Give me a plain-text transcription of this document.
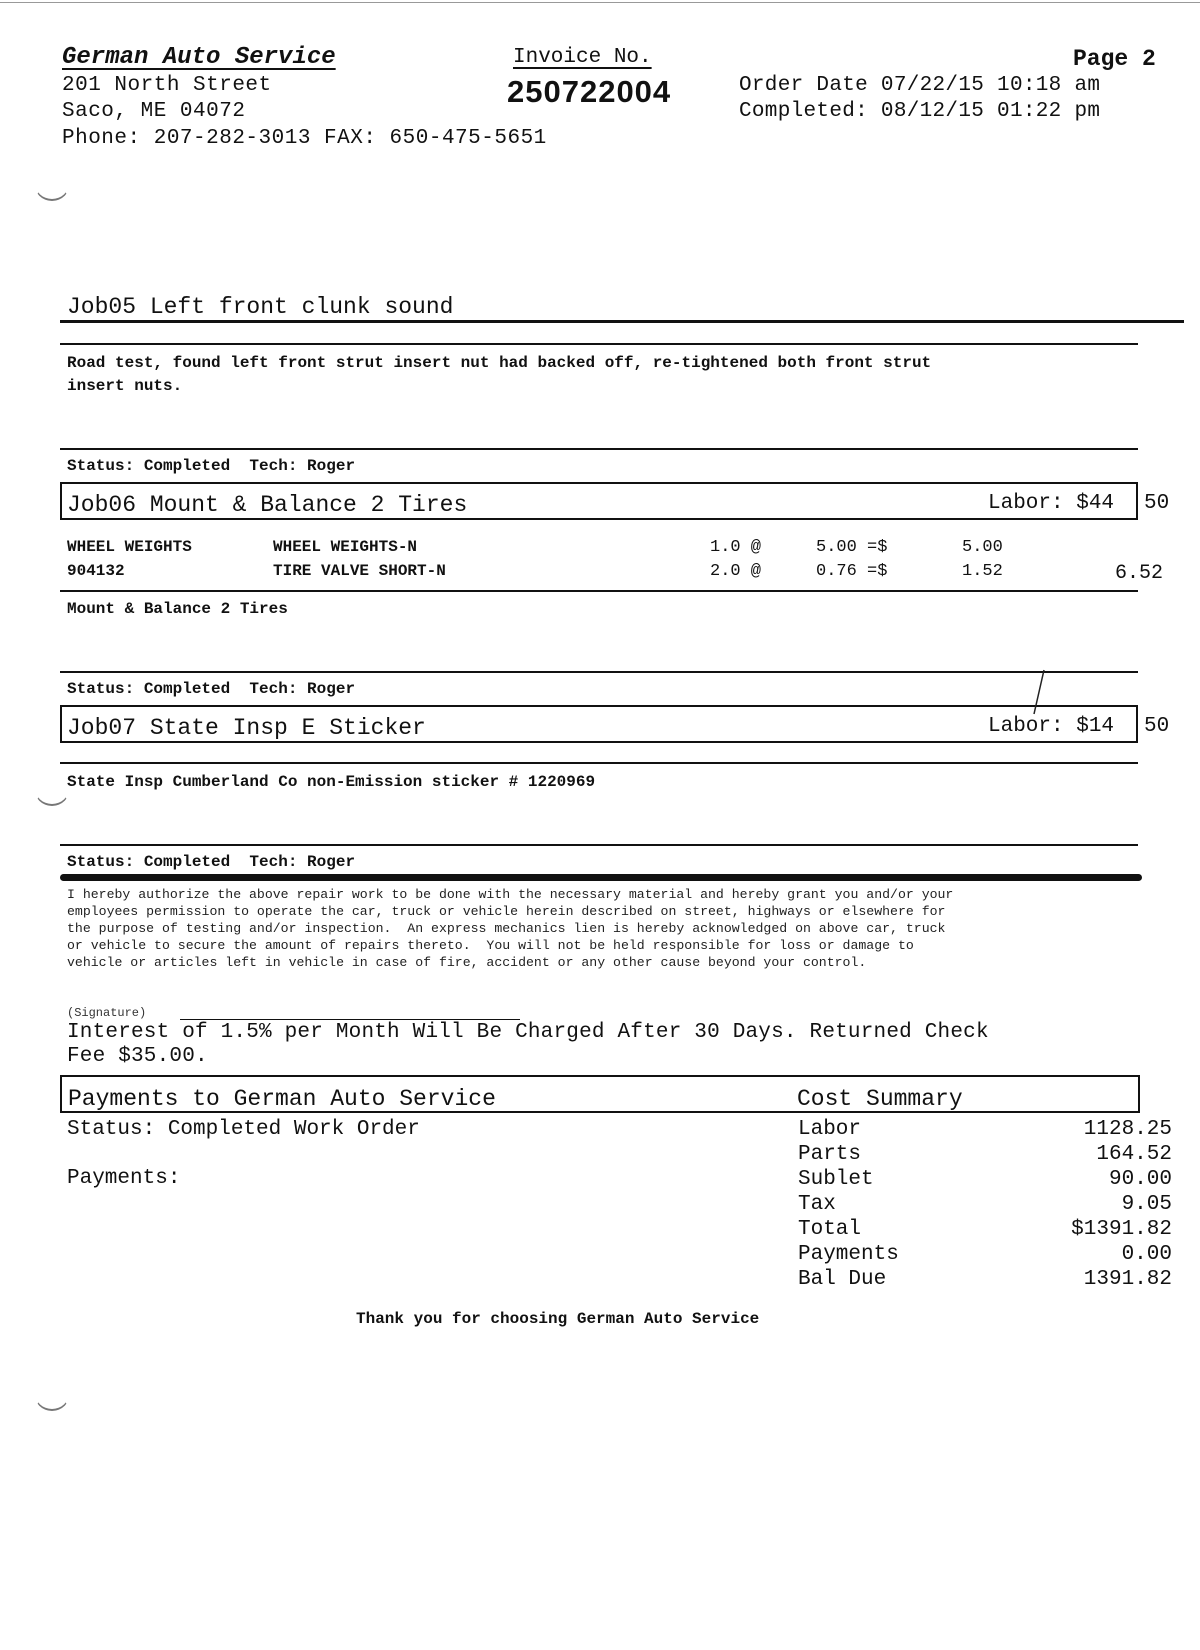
German Auto Service
201 North Street
Saco, ME 04072
Phone: 207-282-3013 FAX: 650-475-5651
Invoice No.
250722004
Page 2
Order Date 07/22/15 10:18 am
Completed: 08/12/15 01:22 pm
Job05 Left front clunk sound
Road test, found left front strut insert nut had backed off, re-tightened both front strut
insert nuts.
Status: Completed  Tech: Roger
Job06 Mount & Balance 2 Tires	Labor: $44 50
WHEEL WEIGHTS	WHEEL WEIGHTS-N	1.0 @	5.00 =$	5.00
904132	TIRE VALVE SHORT-N	2.0 @	0.76 =$	1.52	6.52
Mount & Balance 2 Tires
Status: Completed  Tech: Roger
Job07 State Insp E Sticker	Labor: $14 50
State Insp Cumberland Co non-Emission sticker # 1220969
Status: Completed  Tech: Roger
I hereby authorize the above repair work to be done with the necessary material and hereby grant you and/or your
employees permission to operate the car, truck or vehicle herein described on street, highways or elsewhere for
the purpose of testing and/or inspection.  An express mechanics lien is hereby acknowledged on above car, truck
or vehicle to secure the amount of repairs thereto.  You will not be held responsible for loss or damage to
vehicle or articles left in vehicle in case of fire, accident or any other cause beyond your control.
(Signature)
Interest of 1.5% per Month Will Be Charged After 30 Days. Returned Check
Fee $35.00.
Payments to German Auto Service	Cost Summary
Status: Completed Work Order
Payments:
Labor	1128.25
Parts	164.52
Sublet	90.00
Tax	9.05
Total	$1391.82
Payments	0.00
Bal Due	1391.82
Thank you for choosing German Auto Service
